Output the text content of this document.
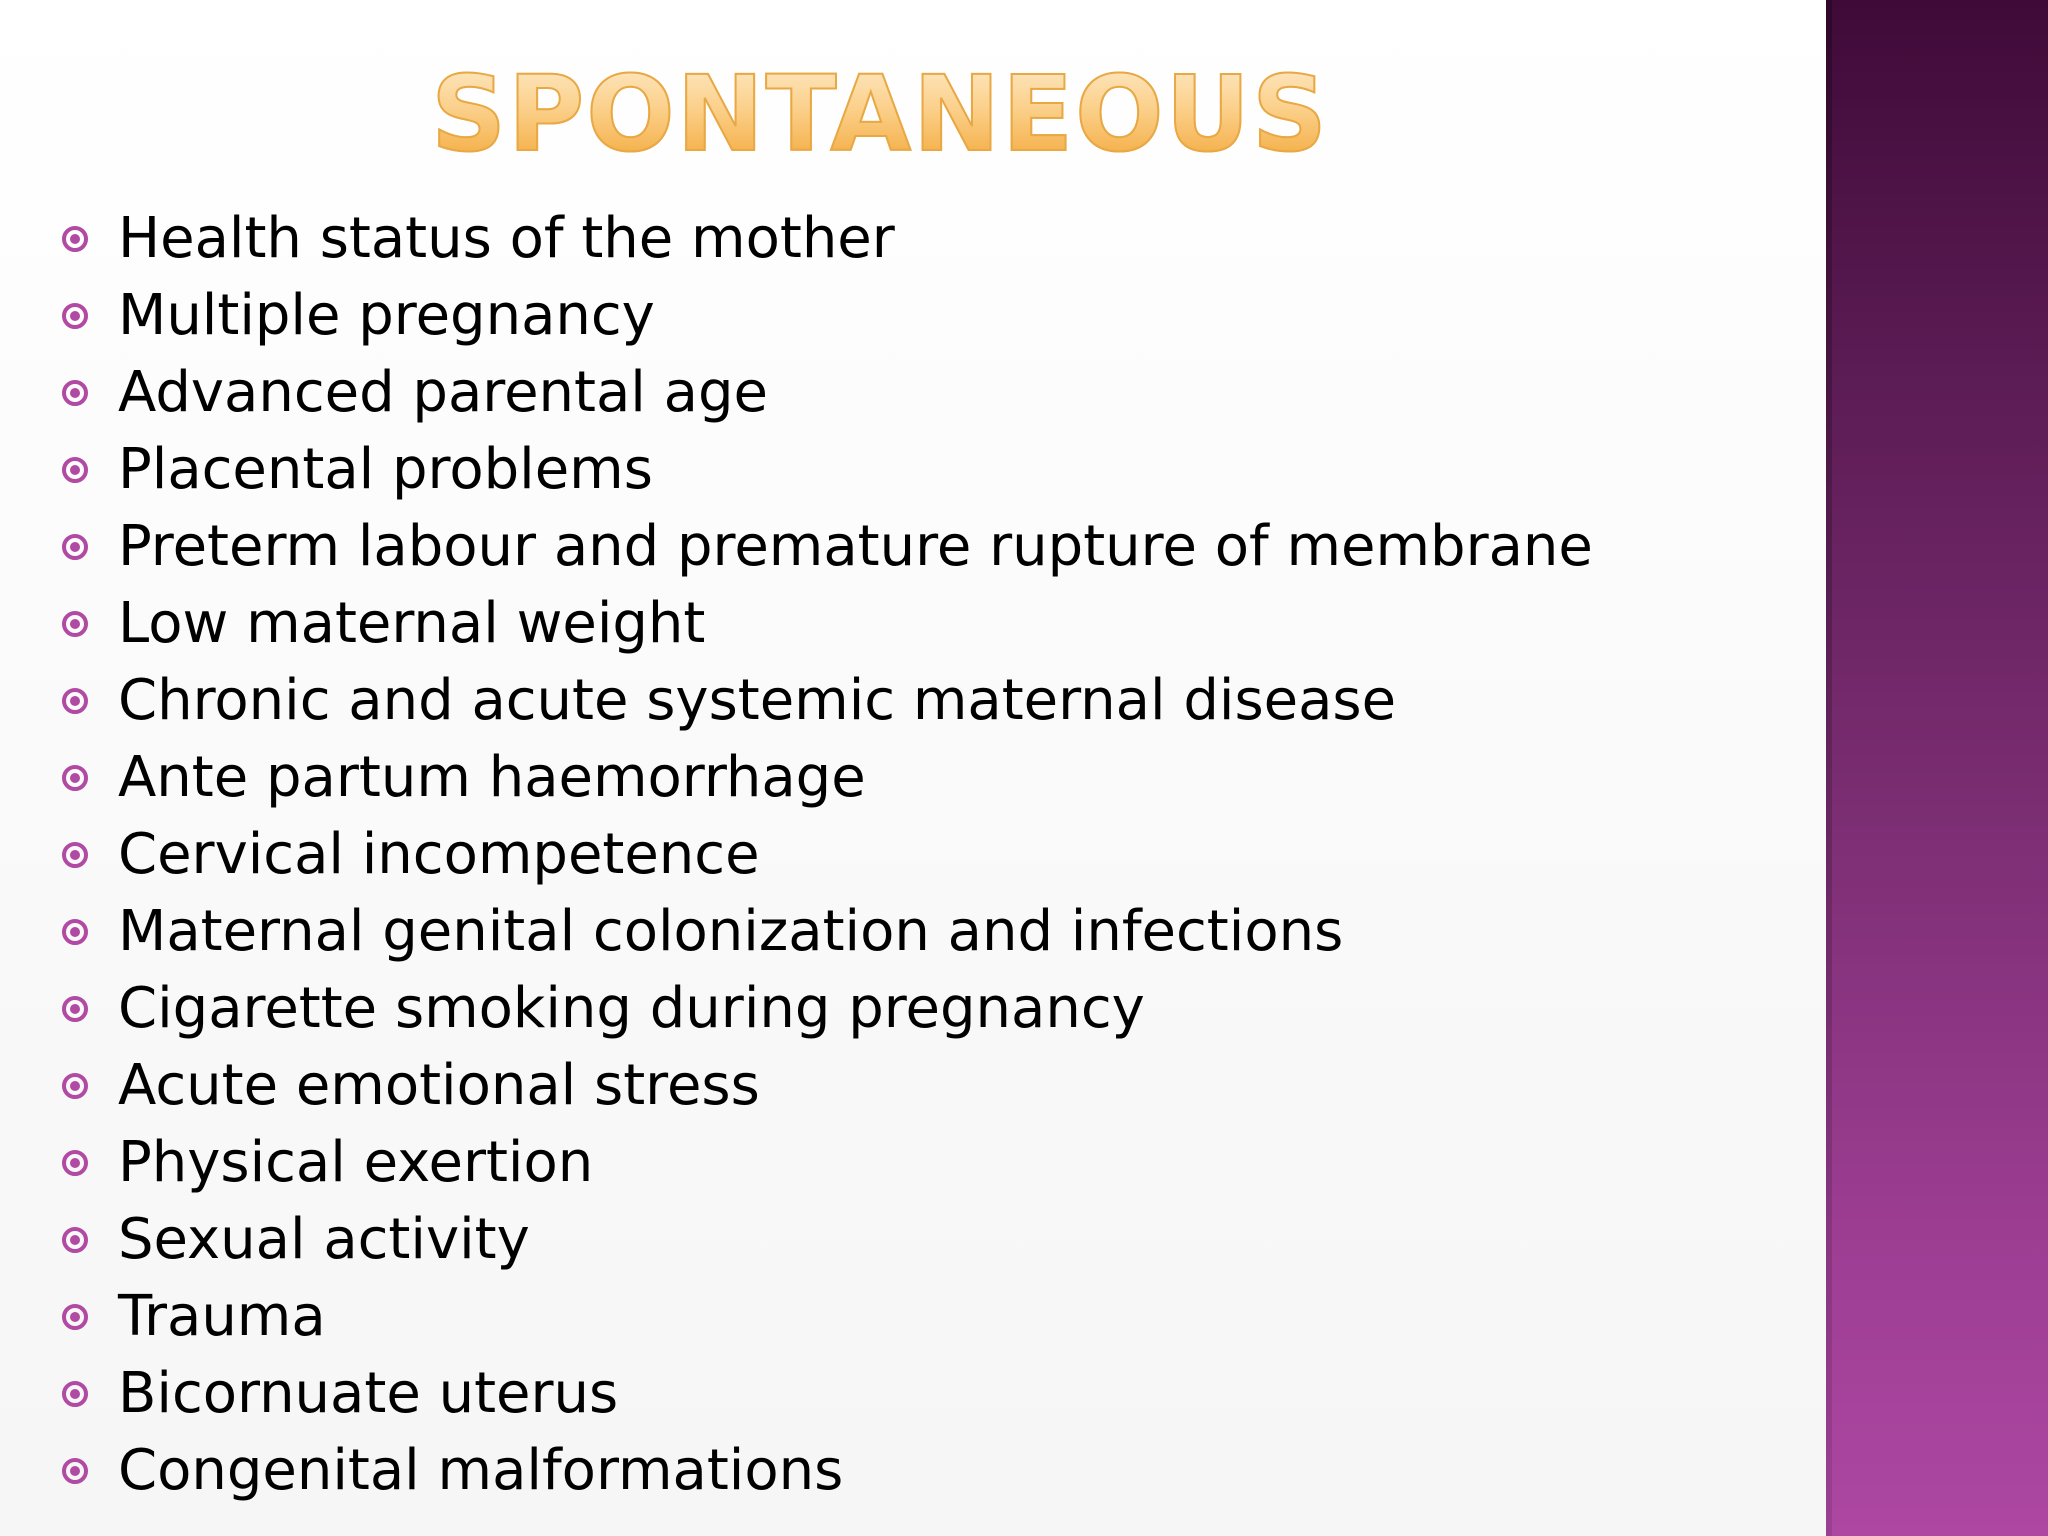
SPONTANEOUS
Health status of the mother
Multiple pregnancy
Advanced parental age
Placental problems
Preterm labour and premature rupture of membrane
Low maternal weight
Chronic and acute systemic maternal disease
Ante partum haemorrhage
Cervical incompetence
Maternal genital colonization and infections
Cigarette smoking during pregnancy
Acute emotional stress
Physical exertion
Sexual activity
Trauma
Bicornuate uterus
Congenital malformations
